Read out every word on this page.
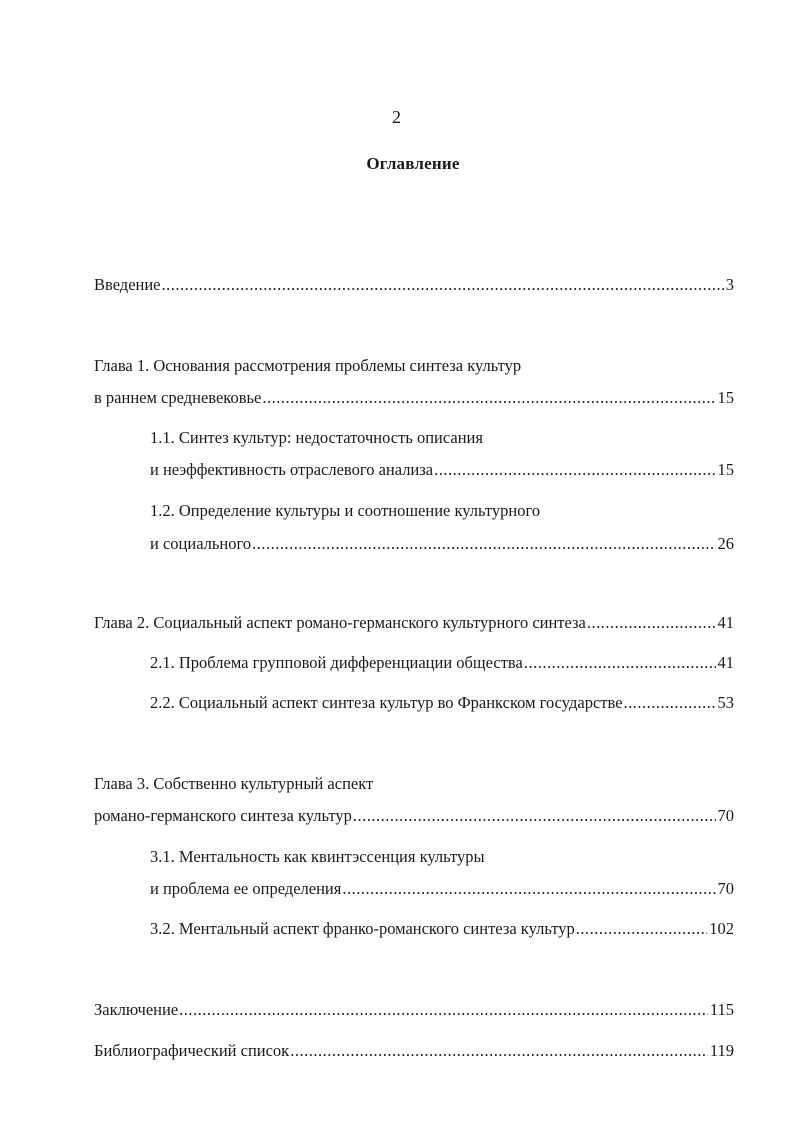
2
Оглавление
Введение .....	3
Глава 1. Основания рассмотрения проблемы синтеза культур
в раннем средневековье .....	15
1.1. Синтез культур: недостаточность описания
и неэффективность отраслевого анализа .....	15
1.2. Определение культуры и соотношение культурного
и социального .....	26
Глава 2. Социальный аспект романо-германского культурного синтеза .....	41
2.1. Проблема групповой дифференциации общества .....	41
2.2. Социальный аспект синтеза культур во Франкском государстве .....	53
Глава 3. Собственно культурный аспект
романо-германского синтеза культур .....	70
3.1. Ментальность как квинтэссенция культуры
и проблема ее определения .....	70
3.2. Ментальный аспект франко-романского синтеза культур .....	102
Заключение .....	115
Библиографический список .....	119
